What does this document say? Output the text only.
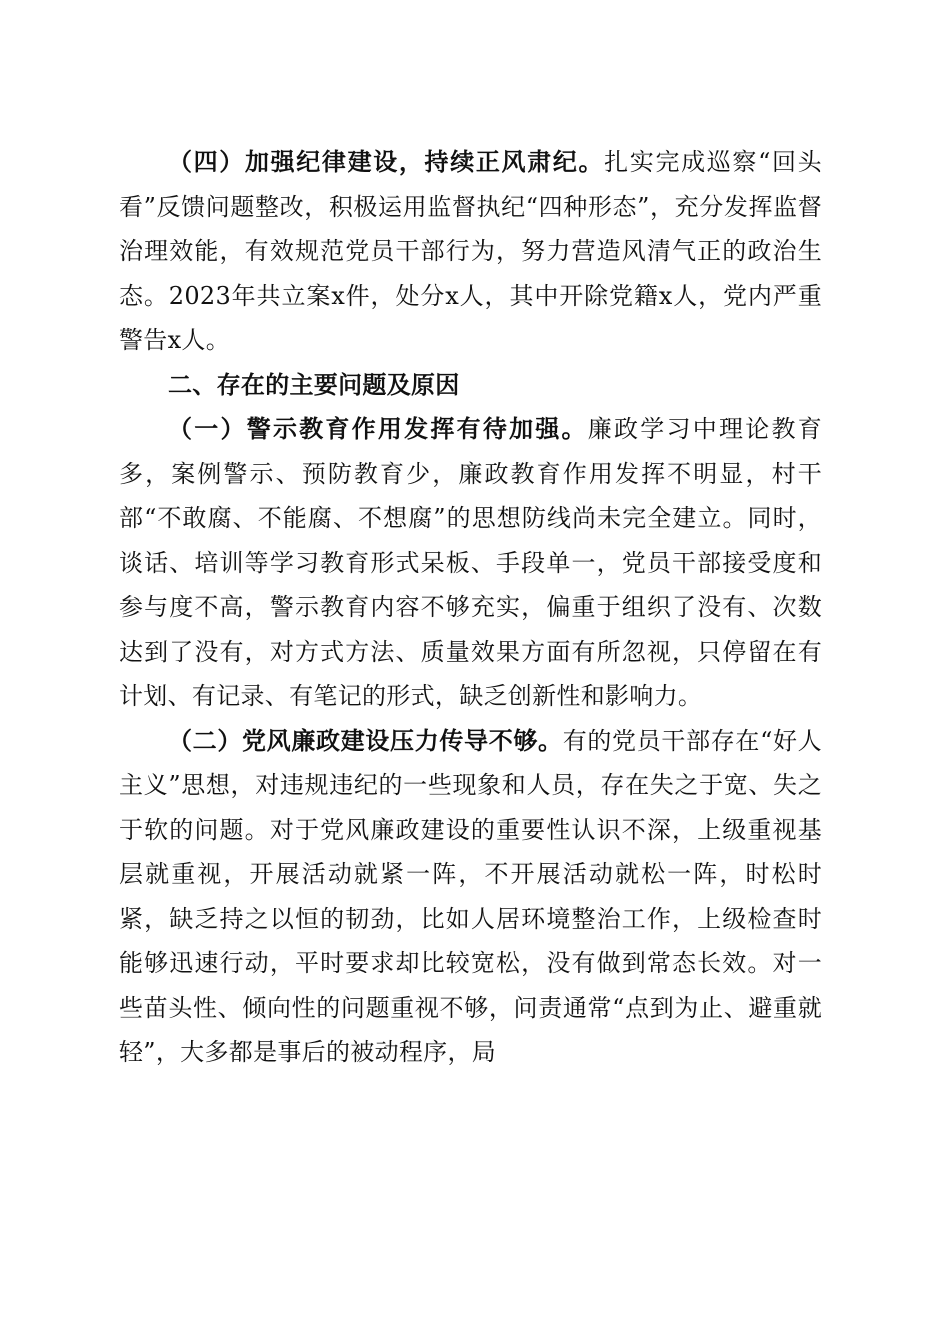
（四）加强纪律建设，持续正风肃纪。扎实完成巡察“回头看”反馈问题整改，积极运用监督执纪“四种形态”，充分发挥监督治理效能，有效规范党员干部行为，努力营造风清气正的政治生态。2023年共立案x件，处分x人，其中开除党籍x人，党内严重警告x人。

二、存在的主要问题及原因

（一）警示教育作用发挥有待加强。廉政学习中理论教育多，案例警示、预防教育少，廉政教育作用发挥不明显，村干部“不敢腐、不能腐、不想腐”的思想防线尚未完全建立。同时，谈话、培训等学习教育形式呆板、手段单一，党员干部接受度和参与度不高，警示教育内容不够充实，偏重于组织了没有、次数达到了没有，对方式方法、质量效果方面有所忽视，只停留在有计划、有记录、有笔记的形式，缺乏创新性和影响力。

（二）党风廉政建设压力传导不够。有的党员干部存在“好人主义”思想，对违规违纪的一些现象和人员，存在失之于宽、失之于软的问题。对于党风廉政建设的重要性认识不深，上级重视基层就重视，开展活动就紧一阵，不开展活动就松一阵，时松时紧，缺乏持之以恒的韧劲，比如人居环境整治工作，上级检查时能够迅速行动，平时要求却比较宽松，没有做到常态长效。对一些苗头性、倾向性的问题重视不够，问责通常“点到为止、避重就轻”，大多都是事后的被动程序，局
